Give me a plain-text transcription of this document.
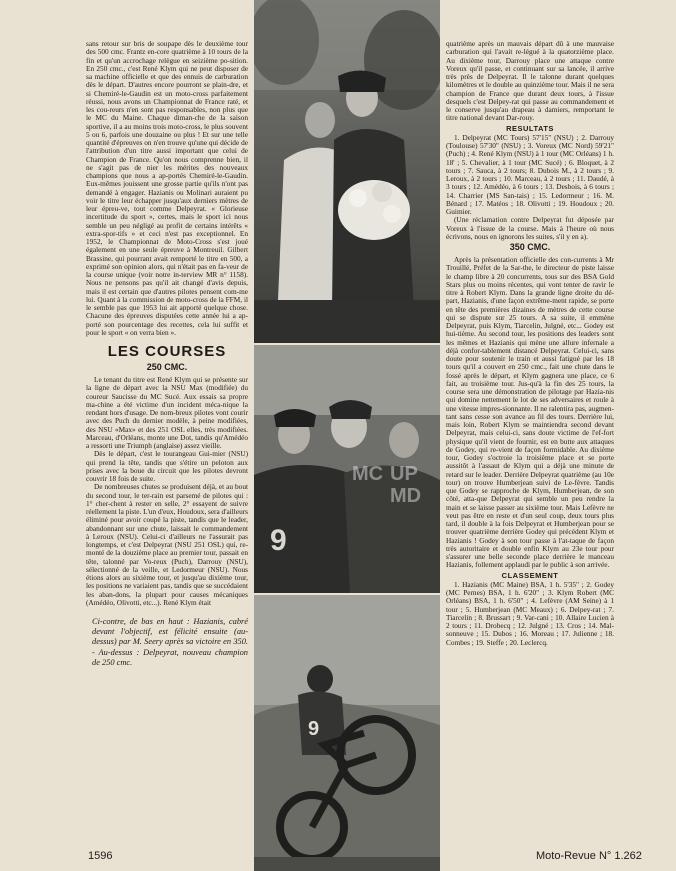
sans retour sur bris de soupape dès le deuxième tour des 500 cmc. Frantz en-core quatrième à 10 tours de la fin et qu'un accrochage relègue en seizième po-sition. En 250 cmc., c'est René Klym qui ne peut disposer de sa machine officielle et que des ennuis de carburation dès le départ. D'autres encore pourront se plain-dre, et si Chemiré-le-Gaudin est un moto-cross parfaitement réussi, nous avons un Championnat de France raté, et les cou-reurs n'en sont pas responsables, non plus que le MC du Maine. Chaque diman-che de la saison sportive, il a au moins trois moto-cross, le plus souvent 5 ou 6, parfois une douzaine ou plus ! Et sur une telle quantité d'épreuves on n'en trouve qu'une qui décide de l'attribution d'un titre aussi important que celui de Champion de France. Qu'on nous comprenne bien, il ne s'agit pas de nier les mérites des nouveaux champions que nous a ap-portés Chemiré-le-Gaudin. Eux-mêmes jouissent une grosse partie qu'ils n'ont pas demandé à engager. Hazianis ou Molinari auraient pu voir le titre leur échapper jusqu'aux derniers mètres de leur épreu-ve, tout comme Delpeyrat. « Glorieuse incertitude du sport », certes, mais le sport ici nous semble un peu négligé au profit de certains intérêts « extra-spor-tifs » et ceci n'est pas exceptionnel. En 1952, le Championnat de Moto-Cross s'est joué également en une seule épreuve à Montreuil. Gilbert Brassine, qui pourrant avait remporté le titre en 500, a exprimé son opinion alors, qui n'était pas en fa-veur de la course unique (voir notre in-terview MR n° 1158). Nous ne pensons pas qu'il ait changé d'avis depuis, mais il est certain que d'autres pilotes pensent com-me lui. Quant à la commission de moto-cross de la FFM, il le semble pas que 1953 lui ait apporté quelque chose. Chacune des épreuves disputées cette année lui a ap-porté son pourcentage des recettes, cela lui suffit et pour le sport « on verra bien ».

LES COURSES
250 CMC.

Le tenant du titre est René Klym qui se présente sur la ligne de départ avec la NSU Max (modifiée) du coureur Saucisse du MC Sucé. Aux essais sa propre ma-chine a été victime d'un incident méca-nique la rendant hors d'usage. De nom-breux pilotes vont courir avec des Puch du dernier modèle, à peine modifiées, des NSU «Max» et des 251 OSL elles, très modifiées. Marceau, d'Orléans, monte une Dot, tandis qu'Amédéo a ressorti une Triumph (anglaise) assez vieille.

Dès le départ, c'est le tourangeau Gui-mier (NSU) qui prend la tête, tandis que s'étire un peloton aux prises avec la boue du circuit que les pilotes devront couvrir 18 fois de suite.

De nombreuses chutes se produisent déjà, et au bout du second tour, le ter-rain est parsemé de pilotes qui : 1° cher-chent à rester en selle, 2° essayent de suivre réellement la piste. L'un d'eux, Houdoux, sera d'ailleurs éliminé pour avoir coupé la piste, tandis que le leader, abandonnant sur une chute, laissait le commandement à Leroux (NSU). Celui-ci d'ailleurs ne l'assurait pas longtemps, et c'est Delpeyrat (NSU 251 OSL) qui, re-monté de la douzième place au premier tour, passait en tête, talonné par Vo-reux (Puch), Darrouy (NSU), sélectionné de la veille, et Ledormeur (NSU). Nous étions alors au sixième tour, et jusqu'au dixième tour, les positions ne variaient pas, tandis que se succédaient les aban-dons, la plupart pour causes mécaniques (Amédéo, Olivotti, etc...). René Klym était

Ci-contre, de bas en haut : Hazianis, cabré devant l'objectif, est félicité ensuite (au-dessus) par M. Seery après sa victoire en 350. - Au-dessus : Delpeyrat, nouveau champion de 250 cmc.
9
9
MC UP
MD

quatrième après un mauvais départ dû à une mauvaise carburation qui l'avait re-légué à la quatorzième place. Au dixième tour, Darrouy place une attaque contre Voreux qu'il passe, et continuant sur sa lancée, il arrive très près de Delpeyrat. Il le talonne durant quelques kilomètres et le double au quinzième tour. Mais il ne sera champion de France que durant deux tours, à l'issue desquels c'est Delpey-rat qui passe au commandement et le conserve jusqu'au drapeau à damiers, remportant le titre national devant Dar-rouy.

RESULTATS

1. Delpeyrat (MC Tours) 57'15" (NSU) ; 2. Darrouy (Toulouse) 57'30" (NSU) ; 3. Voreux (MC Nord) 59'21" (Puch) ; 4. René Klym (NSU) à 1 tour (MC Orléans) 1 h. 18' ; 5. Chevalier, à 1 tour (MC Sucé) ; 6. Bloquet, à 2 tours ; 7. Sauca, à 2 tours; 8. Dubois M., à 2 tours ; 9. Leroux, à 2 tours ; 10. Marceau, à 2 tours ; 11. Daudé, à 3 tours ; 12. Amédéo, à 6 tours ; 13. Desbois, à 6 tours ; 14. Charrier (MS San-tais) ; 15. Ledormeur ; 16. M. Bénard ; 17. Matéos ; 18. Olivotti ; 19. Houdoux ; 20. Guimier.

(Une réclamation contre Delpeyrat fut déposée par Voreux à l'issue de la course. Mais à l'heure où nous écrivons, nous en ignorons les suites, s'il y en a).

350 CMC.

Après la présentation officielle des con-currents à Mr Trouillé, Préfet de la Sar-the, le directeur de piste laisse le champ libre à 20 concurrents, tous sur des BSA Gold Stars plus ou moins récentes, qui vont tenter de ravir le titre à Robert Klym. Dans la grande ligne droite du dé-part, Hazianis, d'une façon extrême-ment rapide, se porte en tête des premières dizaines de mètres de cette course qui se dispute sur 25 tours. A sa suite, il emmène Delpeyrat, puis Klym, Tiarcelin, Julgné, etc... Godey est hui-tième. Au second tour, les positions des leaders sont les mêmes et Hazianis qui mène une allure infernale a déjà confor-tablement distancé Delpeyrat. Celui-ci, sans doute pour soutenir le train et aussi fatigué par les 18 tours qu'il a couvert en 250 cmc., fait une chute dans le fossé après le départ, et Klym gagnera une place, ce 6 fait, au troisième tour. Jus-qu'à la fin des 25 tours, la course sera une démonstration de pilotage par Hazia-nis qui domine nettement le lot de ses adversaires et roule à une vitesse impres-sionnante. Il ne ralentira pas, augmen-tant sans cesse son avance au fil des tours. Derrière lui, mais loin, Robert Klym se maintiendra second devant Delpeyrat, mais celui-ci, sans doute victime de l'ef-fort physique qu'il vient de fournir, est en butte aux attaques de Godey, qui re-vient de façon formidable. Au dixième tour, Godey s'octroie la troisième place et se porte aussitôt à l'assaut de Klym qui a déjà une minute de retard sur le leader. Derrière Delpeyrat quatrième (au 10e tour) on trouve Humberjean suivi de Le-fèvre. Tandis que Godey se rapproche de Klym, Humberjean, de son côté, atta-que Delpeyrat qui semble un peu rendre la main et se laisse passer au sixième tour. Mais Lefèvre ne veut pas être en reste et d'un seul coup, deux tours plus tard, il double à la fois Delpeyrat et Humberjean pour se trouver quatrième derrière Godey qui précédent Klym et Hazianis ! Godey à son tour passe à l'at-taque de façon très autoritaire et double enfin Klym au 23e tour pour s'assurer une belle seconde place derrière le manceau Hazianis, follement applaudi par le public à son arrivée.

CLASSEMENT

1. Hazianis (MC Maine) BSA, 1 h. 5'35" ; 2. Godey (MC Pernes) BSA, 1 h. 6'20" ; 3. Klym Robert (MC Orléans) BSA, 1 h. 6'50" ; 4. Lefèvre (AM Seine) à 1 tour ; 5. Humberjean (MC Meaux) ; 6. Delpey-rat ; 7. Tiarcelin ; 8. Brussart ; 9. Var-cani ; 10. Allaire Lucien à 2 tours ; 11. Drobecq ; 12. Julgné ; 13. Cros ; 14. Mal-sonneuve ; 15. Dubos ; 16. Moreau ; 17. Julienne ; 18. Combes ; 19. Steffe ; 20. Leclercq.

1596	Moto-Revue N° 1.262
